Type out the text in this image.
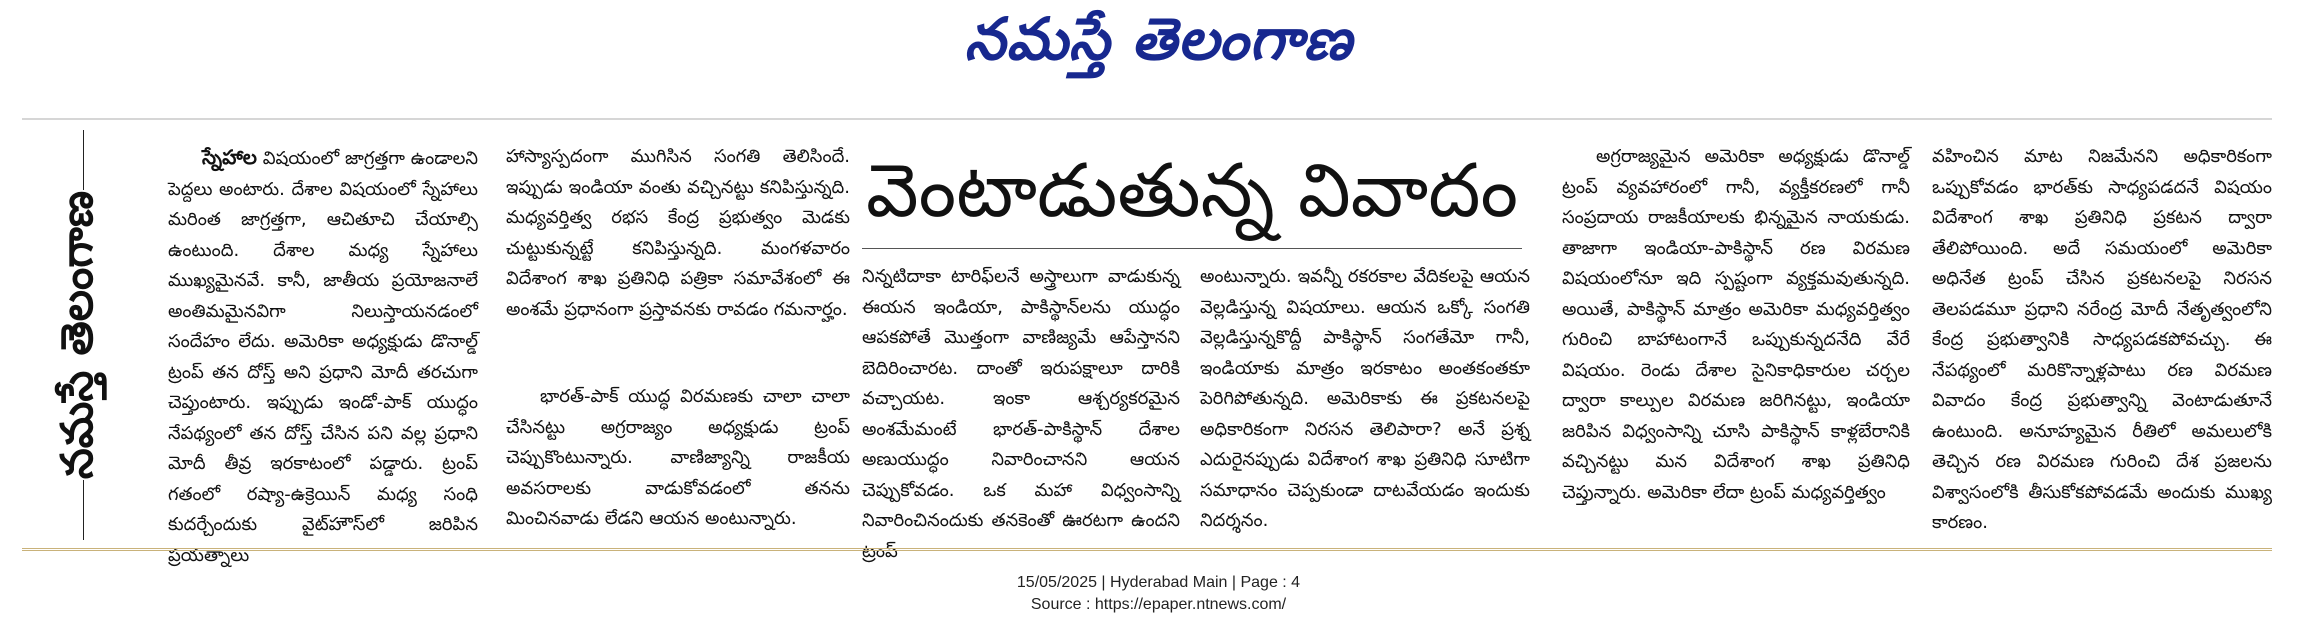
నమస్తే తెలంగాణ
నమస్తే తెలంగాణ

స్నేహాల విషయంలో జాగ్రత్తగా ఉండాలని పెద్దలు అంటారు. దేశాల విషయంలో స్నేహాలు మరింత జాగ్రత్తగా, ఆచితూచి చేయాల్సి ఉంటుంది. దేశాల మధ్య స్నేహాలు ముఖ్యమైనవే. కానీ, జాతీయ ప్రయోజనాలే అంతిమమైనవిగా నిలుస్తాయనడంలో సందేహం లేదు. అమెరికా అధ్యక్షుడు డొనాల్డ్ ట్రంప్ తన దోస్త్ అని ప్రధాని మోదీ తరచుగా చెప్తుంటారు. ఇప్పుడు ఇండో-పాక్ యుద్ధం నేపథ్యంలో తన దోస్త్ చేసిన పని వల్ల ప్రధాని మోదీ తీవ్ర ఇరకాటంలో పడ్డారు. ట్రంప్ గతంలో రష్యా-ఉక్రెయిన్ మధ్య సంధి కుదర్చేందుకు వైట్‌హౌస్‌లో జరిపిన ప్రయత్నాలు

హాస్యాస్పదంగా ముగిసిన సంగతి తెలిసిందే. ఇప్పుడు ఇండియా వంతు వచ్చినట్టు కనిపిస్తున్నది. మధ్యవర్తిత్వ రభస కేంద్ర ప్రభుత్వం మెడకు చుట్టుకున్నట్టే కనిపిస్తున్నది. మంగళవారం విదేశాంగ శాఖ ప్రతినిధి పత్రికా సమావేశంలో ఈ అంశమే ప్రధానంగా ప్రస్తావనకు రావడం గమనార్హం.

భారత్-పాక్ యుద్ధ విరమణకు చాలా చాలా చేసినట్టు అగ్రరాజ్యం అధ్యక్షుడు ట్రంప్ చెప్పుకొంటున్నారు. వాణిజ్యాన్ని రాజకీయ అవసరాలకు వాడుకోవడంలో తనను మించినవాడు లేడని ఆయన అంటున్నారు.

వెంటాడుతున్న వివాదం

నిన్నటిదాకా టారిఫ్‌లనే అస్త్రాలుగా వాడుకున్న ఈయన ఇండియా, పాకిస్థాన్‌లను యుద్ధం ఆపకపోతే మొత్తంగా వాణిజ్యమే ఆపేస్తానని బెదిరించారట. దాంతో ఇరుపక్షాలూ దారికి వచ్చాయట. ఇంకా ఆశ్చర్యకరమైన అంశమేమంటే భారత్-పాకిస్థాన్ దేశాల అణుయుద్ధం నివారించానని ఆయన చెప్పుకోవడం. ఒక మహా విధ్వంసాన్ని నివారించినందుకు తనకెంతో ఊరటగా ఉందని ట్రంప్

అంటున్నారు. ఇవన్నీ రకరకాల వేదికలపై ఆయన వెల్లడిస్తున్న విషయాలు. ఆయన ఒక్కో సంగతి వెల్లడిస్తున్నకొద్దీ పాకిస్థాన్ సంగతేమో గానీ, ఇండియాకు మాత్రం ఇరకాటం అంతకంతకూ పెరిగిపోతున్నది. అమెరికాకు ఈ ప్రకటనలపై అధికారికంగా నిరసన తెలిపారా? అనే ప్రశ్న ఎదురైనప్పుడు విదేశాంగ శాఖ ప్రతినిధి సూటిగా సమాధానం చెప్పకుండా దాటవేయడం ఇందుకు నిదర్శనం.

అగ్రరాజ్యమైన అమెరికా అధ్యక్షుడు డొనాల్డ్ ట్రంప్ వ్యవహారంలో గానీ, వ్యక్తీకరణలో గానీ సంప్రదాయ రాజకీయాలకు భిన్నమైన నాయకుడు. తాజాగా ఇండియా-పాకిస్థాన్ రణ విరమణ విషయంలోనూ ఇది స్పష్టంగా వ్యక్తమవుతున్నది. అయితే, పాకిస్థాన్ మాత్రం అమెరికా మధ్యవర్తిత్వం గురించి బాహాటంగానే ఒప్పుకున్నదనేది వేరే విషయం. రెండు దేశాల సైనికాధికారుల చర్చల ద్వారా కాల్పుల విరమణ జరిగినట్టు, ఇండియా జరిపిన విధ్వంసాన్ని చూసి పాకిస్థాన్ కాళ్లబేరానికి వచ్చినట్టు మన విదేశాంగ శాఖ ప్రతినిధి చెప్తున్నారు. అమెరికా లేదా ట్రంప్ మధ్యవర్తిత్వం

వహించిన మాట నిజమేనని అధికారికంగా ఒప్పుకోవడం భారత్‌కు సాధ్యపడదనే విషయం విదేశాంగ శాఖ ప్రతినిధి ప్రకటన ద్వారా తేలిపోయింది. అదే సమయంలో అమెరికా అధినేత ట్రంప్ చేసిన ప్రకటనలపై నిరసన తెలపడమూ ప్రధాని నరేంద్ర మోదీ నేతృత్వంలోని కేంద్ర ప్రభుత్వానికి సాధ్యపడకపోవచ్చు. ఈ నేపథ్యంలో మరికొన్నాళ్లపాటు రణ విరమణ వివాదం కేంద్ర ప్రభుత్వాన్ని వెంటాడుతూనే ఉంటుంది. అనూహ్యమైన రీతిలో అమలులోకి తెచ్చిన రణ విరమణ గురించి దేశ ప్రజలను విశ్వాసంలోకి తీసుకోకపోవడమే అందుకు ముఖ్య కారణం.

15/05/2025 | Hyderabad Main | Page : 4
Source : https://epaper.ntnews.com/
